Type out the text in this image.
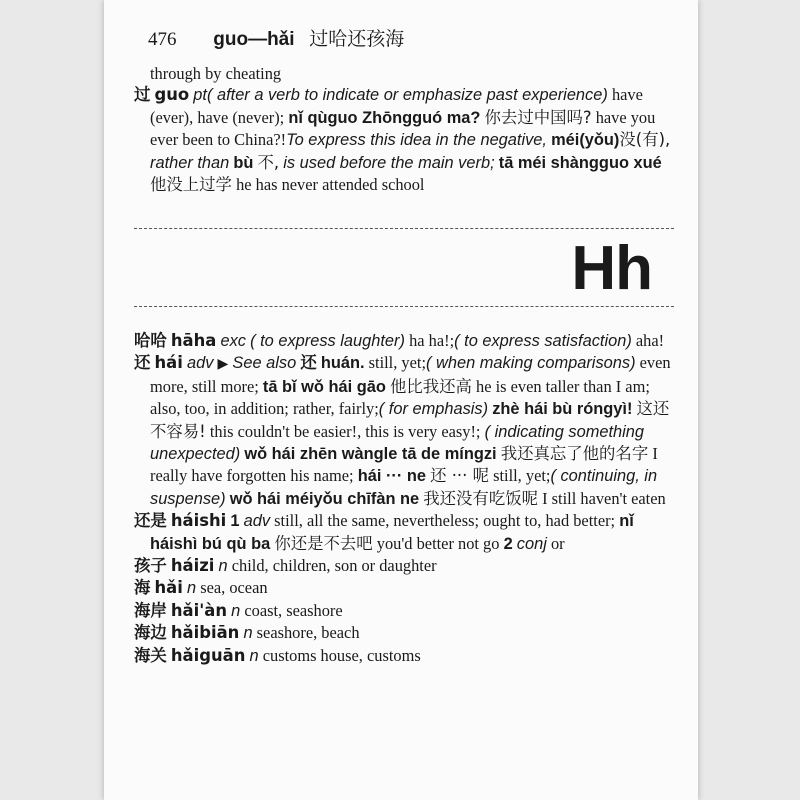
476 guo—hǎi 过哈还孩海
through by cheating
过 guo pt( after a verb to indicate or emphasize past experience) have (ever), have (never); nǐ qùguo Zhōngguó ma? 你去过中国吗? have you ever been to China?!To express this idea in the negative, méi(yǒu)没(有), rather than bù 不, is used before the main verb; tā méi shàngguo xué 他没上过学 he has never attended school
Hh
哈哈 hāha exc ( to express laughter) ha ha!;( to express satisfaction) aha!
还 hái adv ▶ See also 还 huán. still, yet;( when making comparisons) even more, still more; tā bǐ wǒ hái gāo 他比我还高 he is even taller than I am; also, too, in addition; rather, fairly;( for emphasis) zhè hái bù róngyì! 这还不容易! this couldn't be easier!, this is very easy!; ( indicating something unexpected) wǒ hái zhēn wàngle tā de míngzi 我还真忘了他的名字 I really have forgotten his name; hái ··· ne 还 ··· 呢 still, yet;( continuing, in suspense) wǒ hái méiyǒu chīfàn ne 我还没有吃饭呢 I still haven't eaten
还是 háishi 1 adv still, all the same, nevertheless; ought to, had better; nǐ háishì bú qù ba 你还是不去吧 you'd better not go 2 conj or
孩子 háizi n child, children, son or daughter
海 hǎi n sea, ocean
海岸 hǎi'àn n coast, seashore
海边 hǎibiān n seashore, beach
海关 hǎiguān n customs house, customs
